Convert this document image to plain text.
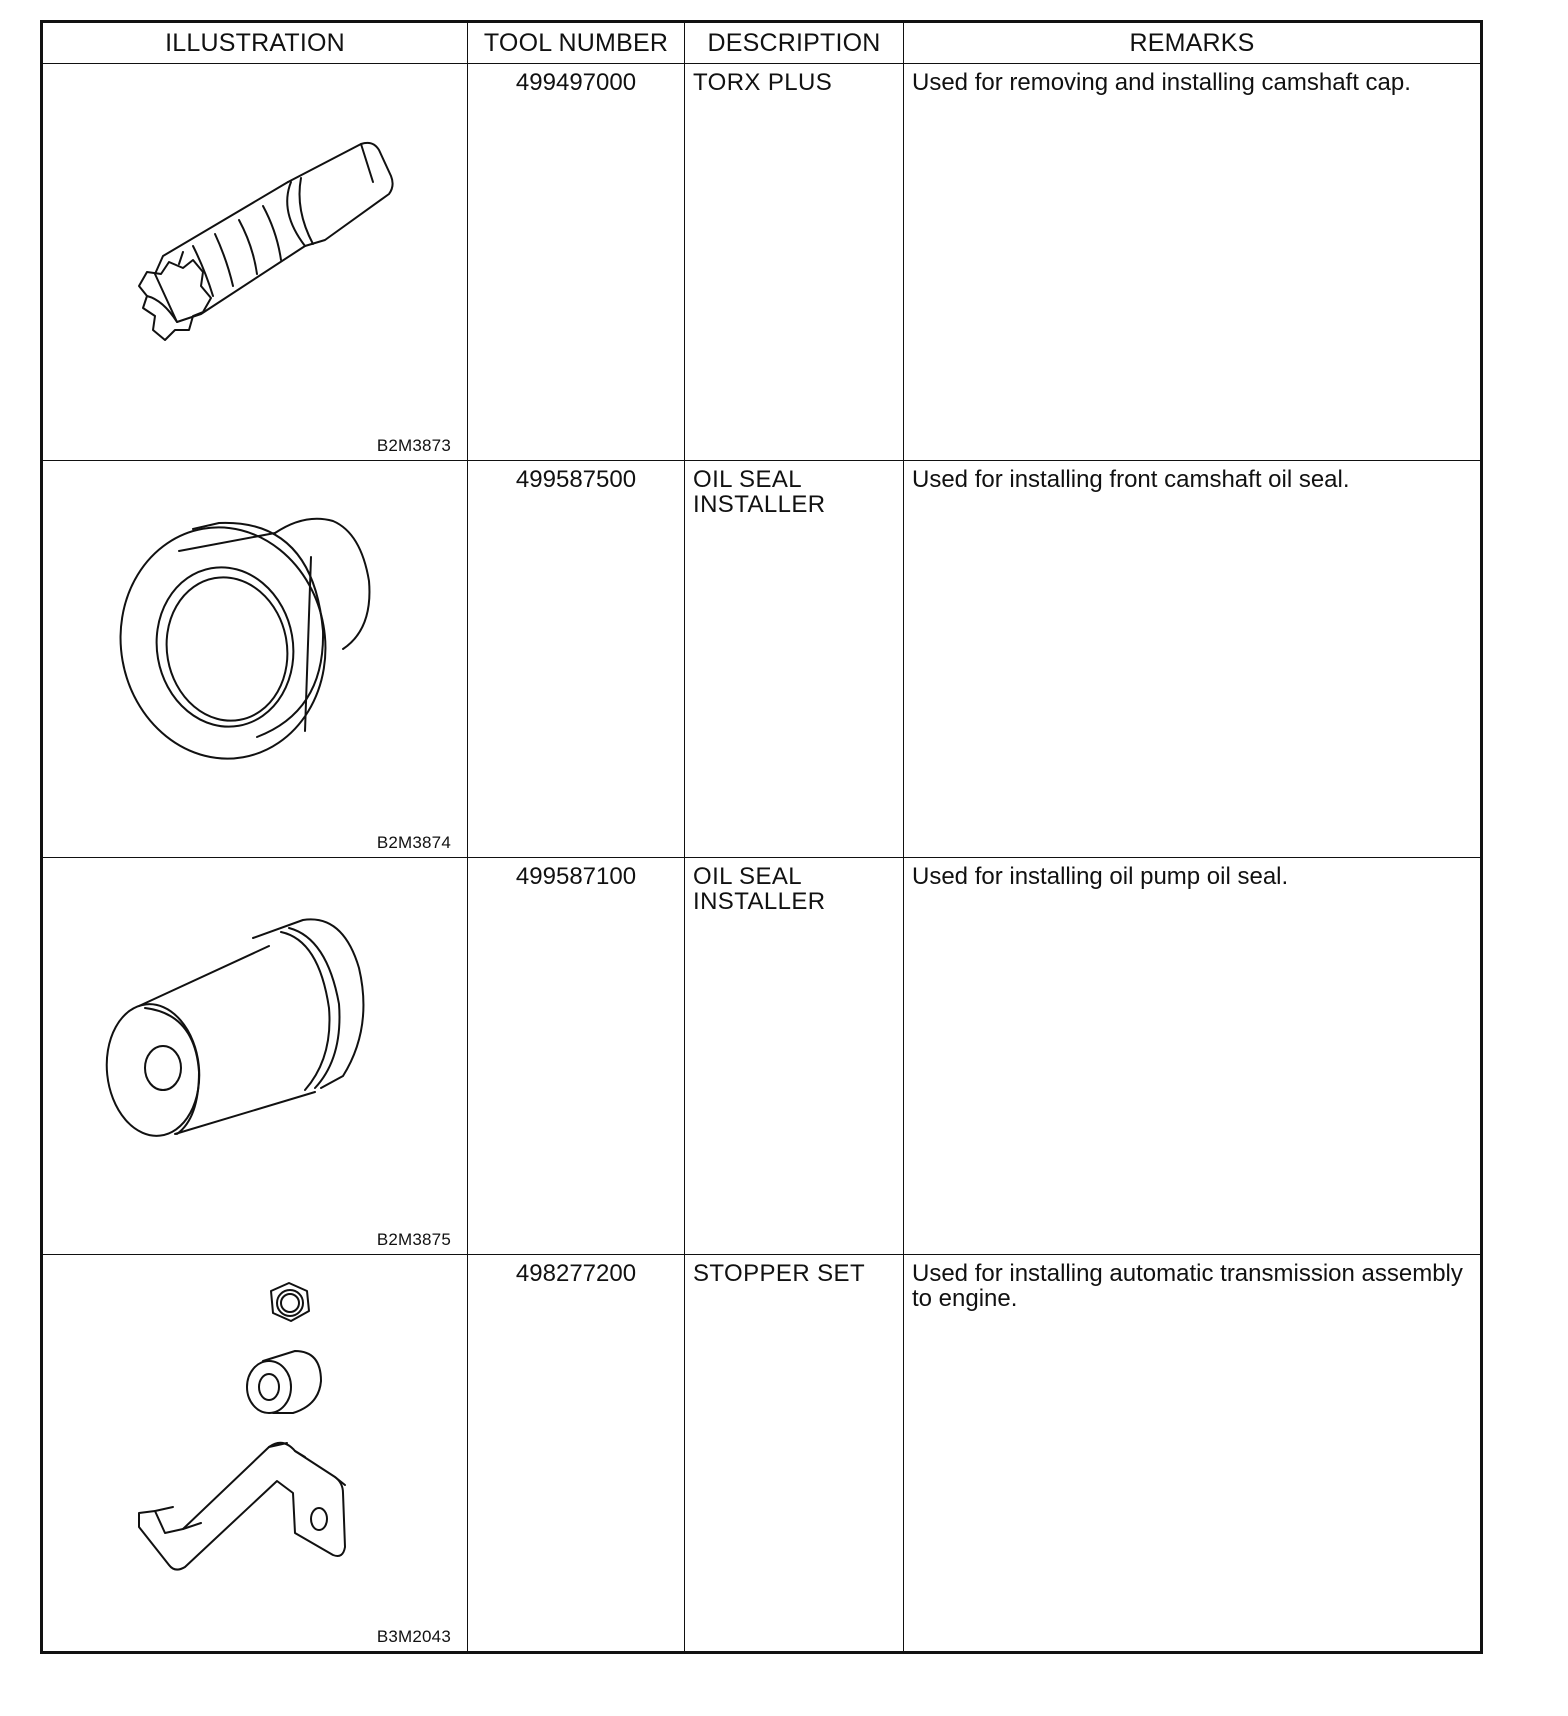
ILLUSTRATION	TOOL NUMBER	DESCRIPTION	REMARKS

B2M3873	499497000	TORX PLUS	Used for removing and installing camshaft cap.

B2M3874	499587500	OIL SEAL INSTALLER	Used for installing front camshaft oil seal.

B2M3875	499587100	OIL SEAL INSTALLER	Used for installing oil pump oil seal.

B3M2043	498277200	STOPPER SET	Used for installing automatic transmission assembly to engine.
